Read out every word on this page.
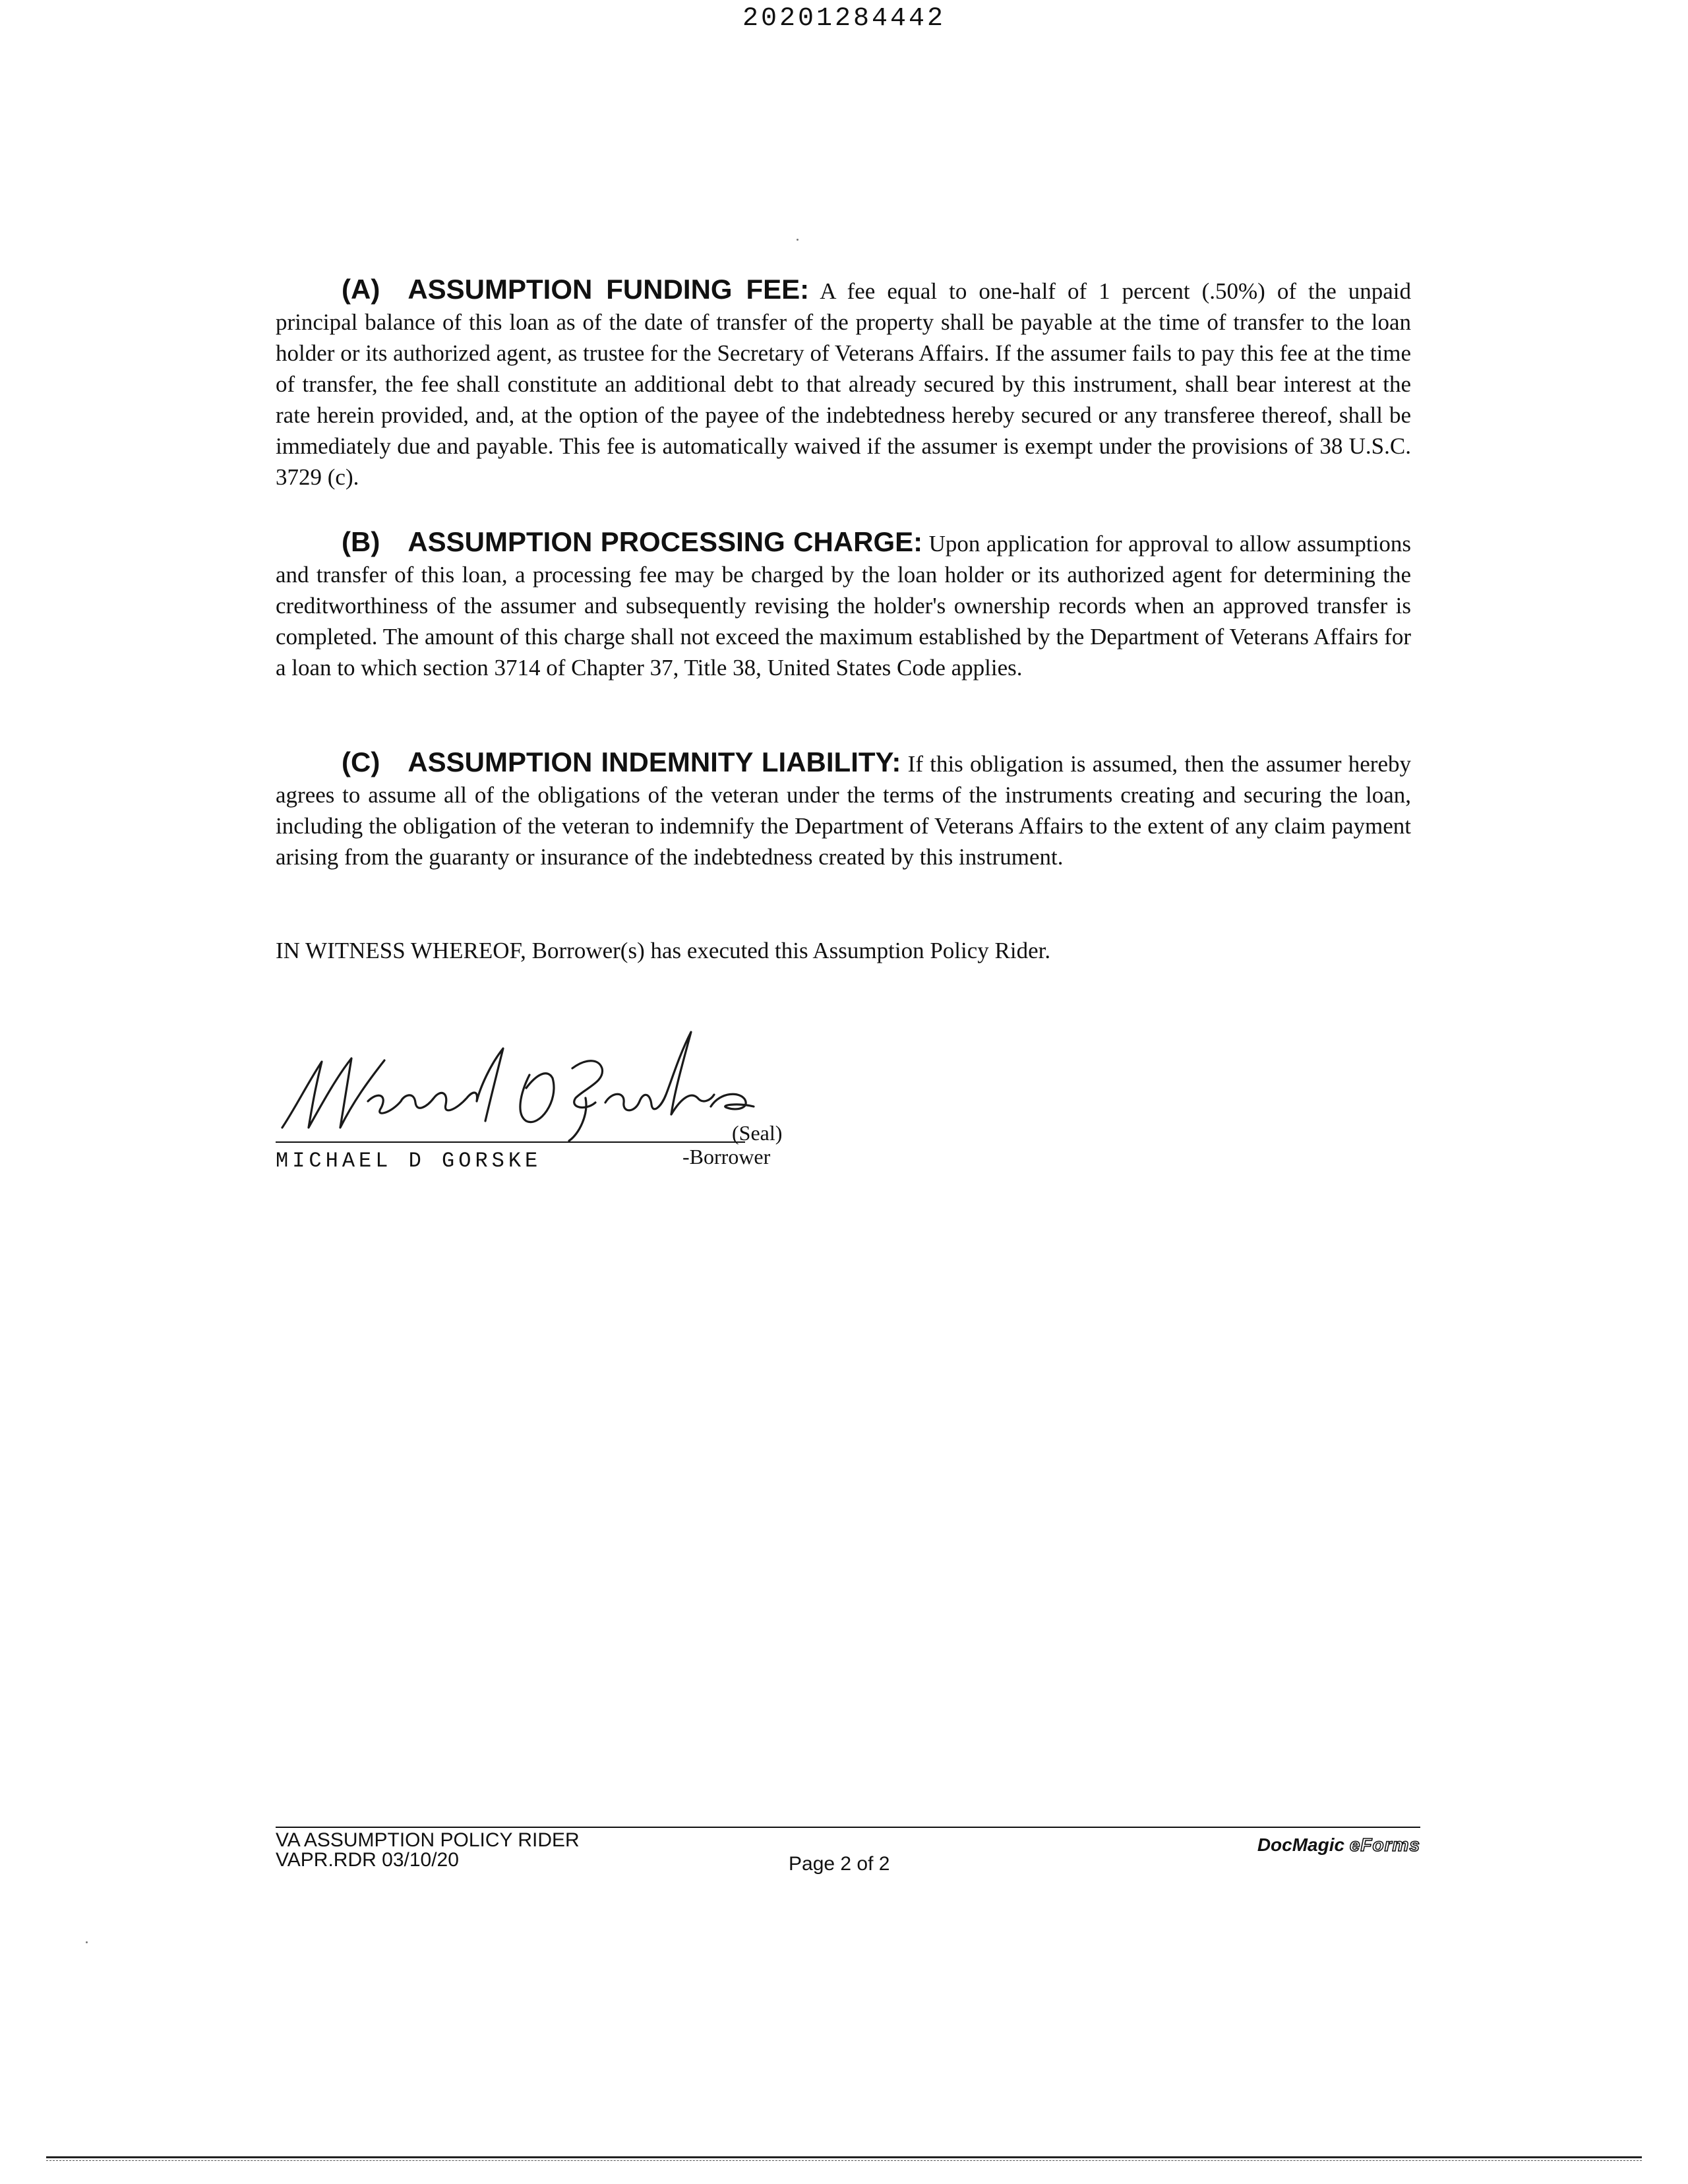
20201284442

(A) ASSUMPTION FUNDING FEE: A fee equal to one-half of 1 percent (.50%) of the unpaid principal balance of this loan as of the date of transfer of the property shall be payable at the time of transfer to the loan holder or its authorized agent, as trustee for the Secretary of Veterans Affairs. If the assumer fails to pay this fee at the time of transfer, the fee shall constitute an additional debt to that already secured by this instrument, shall bear interest at the rate herein provided, and, at the option of the payee of the indebtedness hereby secured or any transferee thereof, shall be immediately due and payable. This fee is automatically waived if the assumer is exempt under the provisions of 38 U.S.C. 3729 (c).

(B) ASSUMPTION PROCESSING CHARGE: Upon application for approval to allow assumptions and transfer of this loan, a processing fee may be charged by the loan holder or its authorized agent for determining the creditworthiness of the assumer and subsequently revising the holder's ownership records when an approved transfer is completed. The amount of this charge shall not exceed the maximum established by the Department of Veterans Affairs for a loan to which section 3714 of Chapter 37, Title 38, United States Code applies.

(C) ASSUMPTION INDEMNITY LIABILITY: If this obligation is assumed, then the assumer hereby agrees to assume all of the obligations of the veteran under the terms of the instruments creating and securing the loan, including the obligation of the veteran to indemnify the Department of Veterans Affairs to the extent of any claim payment arising from the guaranty or insurance of the indebtedness created by this instrument.

IN WITNESS WHEREOF, Borrower(s) has executed this Assumption Policy Rider.
(Seal)
MICHAEL D GORSKE	-Borrower
VA ASSUMPTION POLICY RIDER
VAPR.RDR 03/10/20	Page 2 of 2
DocMagic eForms
